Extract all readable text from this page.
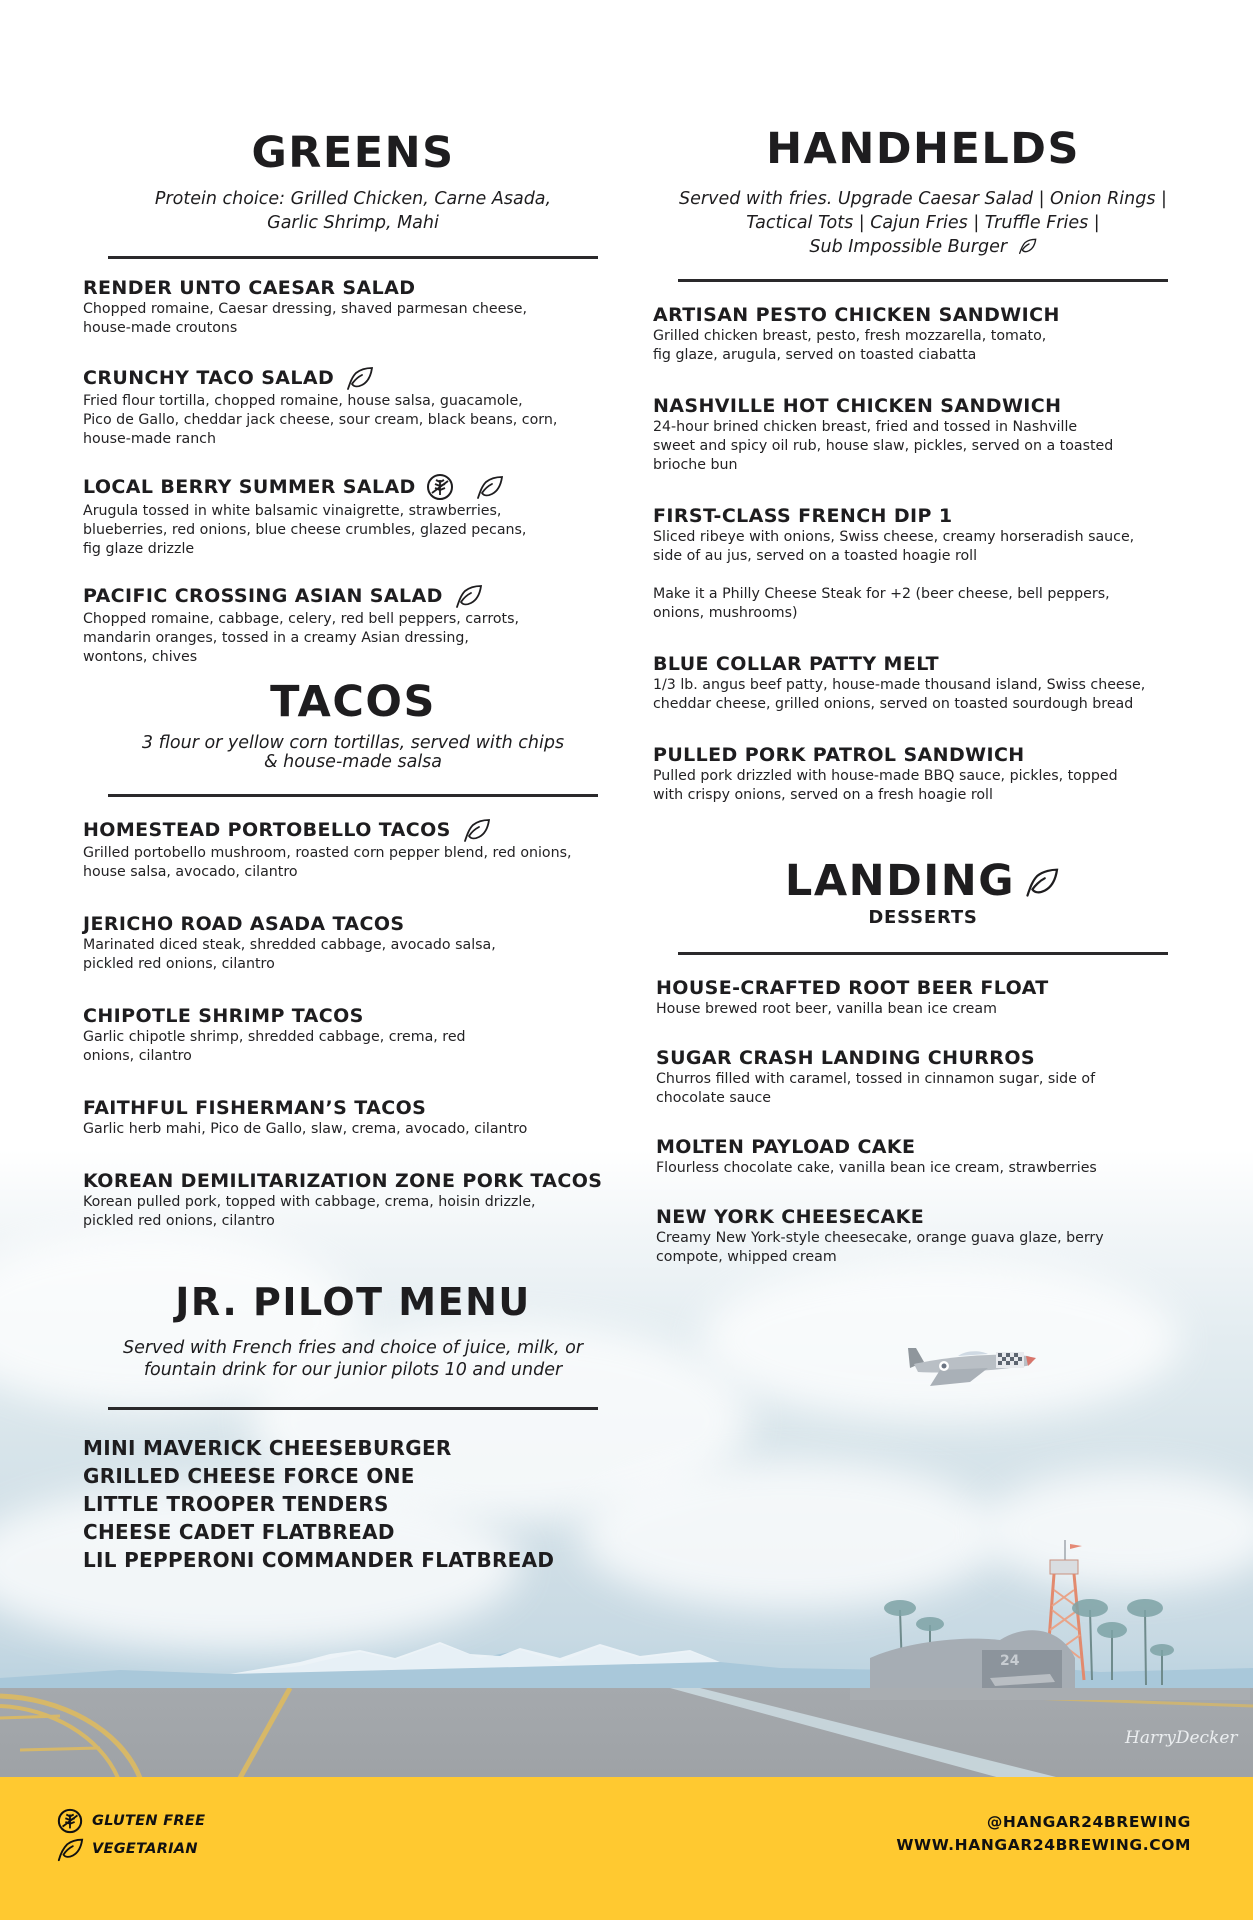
24
HarryDecker
GREENS
Protein choice: Grilled Chicken, Carne Asada,
Garlic Shrimp, Mahi
RENDER UNTO CAESAR SALAD
Chopped romaine, Caesar dressing, shaved parmesan cheese,
house-made croutons
CRUNCHY TACO SALAD
Fried flour tortilla, chopped romaine, house salsa, guacamole,
Pico de Gallo, cheddar jack cheese, sour cream, black beans, corn,
house-made ranch
LOCAL BERRY SUMMER SALAD
Arugula tossed in white balsamic vinaigrette, strawberries,
blueberries, red onions, blue cheese crumbles, glazed pecans,
fig glaze drizzle
PACIFIC CROSSING ASIAN SALAD
Chopped romaine, cabbage, celery, red bell peppers, carrots,
mandarin oranges, tossed in a creamy Asian dressing,
wontons, chives
TACOS
3 flour or yellow corn tortillas, served with chips
& house-made salsa
HOMESTEAD PORTOBELLO TACOS
Grilled portobello mushroom, roasted corn pepper blend, red onions,
house salsa, avocado, cilantro
JERICHO ROAD ASADA TACOS
Marinated diced steak, shredded cabbage, avocado salsa,
pickled red onions, cilantro
CHIPOTLE SHRIMP TACOS
Garlic chipotle shrimp, shredded cabbage, crema, red
onions, cilantro
FAITHFUL FISHERMAN’S TACOS
Garlic herb mahi, Pico de Gallo, slaw, crema, avocado, cilantro
KOREAN DEMILITARIZATION ZONE PORK TACOS
Korean pulled pork, topped with cabbage, crema, hoisin drizzle,
pickled red onions, cilantro
JR. PILOT MENU
Served with French fries and choice of juice, milk, or
fountain drink for our junior pilots 10 and under
MINI MAVERICK CHEESEBURGER
GRILLED CHEESE FORCE ONE
LITTLE TROOPER TENDERS
CHEESE CADET FLATBREAD
LIL PEPPERONI COMMANDER FLATBREAD
HANDHELDS
Served with fries. Upgrade Caesar Salad | Onion Rings |
Tactical Tots | Cajun Fries | Truffle Fries |
Sub Impossible Burger
ARTISAN PESTO CHICKEN SANDWICH
Grilled chicken breast, pesto, fresh mozzarella, tomato,
fig glaze, arugula, served on toasted ciabatta
NASHVILLE HOT CHICKEN SANDWICH
24-hour brined chicken breast, fried and tossed in Nashville
sweet and spicy oil rub, house slaw, pickles, served on a toasted
brioche bun
FIRST-CLASS FRENCH DIP 1
Sliced ribeye with onions, Swiss cheese, creamy horseradish sauce,
side of au jus, served on a toasted hoagie roll
Make it a Philly Cheese Steak for +2 (beer cheese, bell peppers,
onions, mushrooms)
BLUE COLLAR PATTY MELT
1/3 lb. angus beef patty, house-made thousand island, Swiss cheese,
cheddar cheese, grilled onions, served on toasted sourdough bread
PULLED PORK PATROL SANDWICH
Pulled pork drizzled with house-made BBQ sauce, pickles, topped
with crispy onions, served on a fresh hoagie roll
LANDING
DESSERTS
HOUSE-CRAFTED ROOT BEER FLOAT
House brewed root beer, vanilla bean ice cream
SUGAR CRASH LANDING CHURROS
Churros filled with caramel, tossed in cinnamon sugar, side of
chocolate sauce
MOLTEN PAYLOAD CAKE
Flourless chocolate cake, vanilla bean ice cream, strawberries
NEW YORK CHEESECAKE
Creamy New York-style cheesecake, orange guava glaze, berry
compote, whipped cream
GLUTEN FREE
VEGETARIAN
@HANGAR24BREWING
WWW.HANGAR24BREWING.COM
